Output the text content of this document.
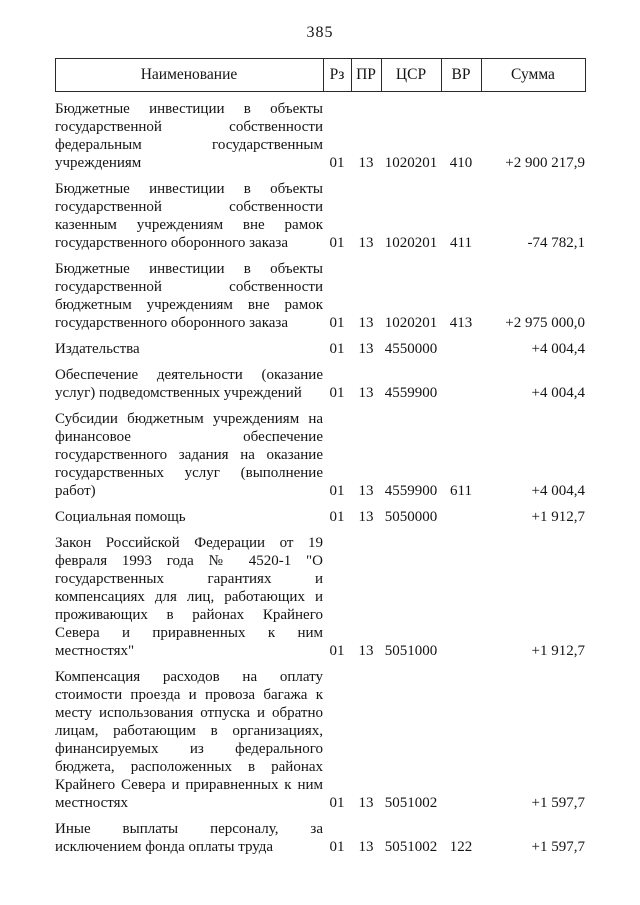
385
Наименование	Рз	ПР	ЦСР	ВР	Сумма
Бюджетные инвестиции в объекты государственной собственности федеральным государственным учреждениям	01	13	1020201	410	+2 900 217,9
Бюджетные инвестиции в объекты государственной собственности казенным учреждениям вне рамок государственного оборонного заказа	01	13	1020201	411	-74 782,1
Бюджетные инвестиции в объекты государственной собственности бюджетным учреждениям вне рамок государственного оборонного заказа	01	13	1020201	413	+2 975 000,0
Издательства	01	13	4550000		+4 004,4
Обеспечение деятельности (оказание услуг) подведомственных учреждений	01	13	4559900		+4 004,4
Субсидии бюджетным учреждениям на финансовое обеспечение государственного задания на оказание государственных услуг (выполнение работ)	01	13	4559900	611	+4 004,4
Социальная помощь	01	13	5050000		+1 912,7
Закон Российской Федерации от 19 февраля 1993 года № 4520-1 "О государственных гарантиях и компенсациях для лиц, работающих и проживающих в районах Крайнего Севера и приравненных к ним местностях"	01	13	5051000		+1 912,7
Компенсация расходов на оплату стоимости проезда и провоза багажа к месту использования отпуска и обратно лицам, работающим в организациях, финансируемых из федерального бюджета, расположенных в районах Крайнего Севера и приравненных к ним местностях	01	13	5051002		+1 597,7
Иные выплаты персоналу, за исключением фонда оплаты труда	01	13	5051002	122	+1 597,7
